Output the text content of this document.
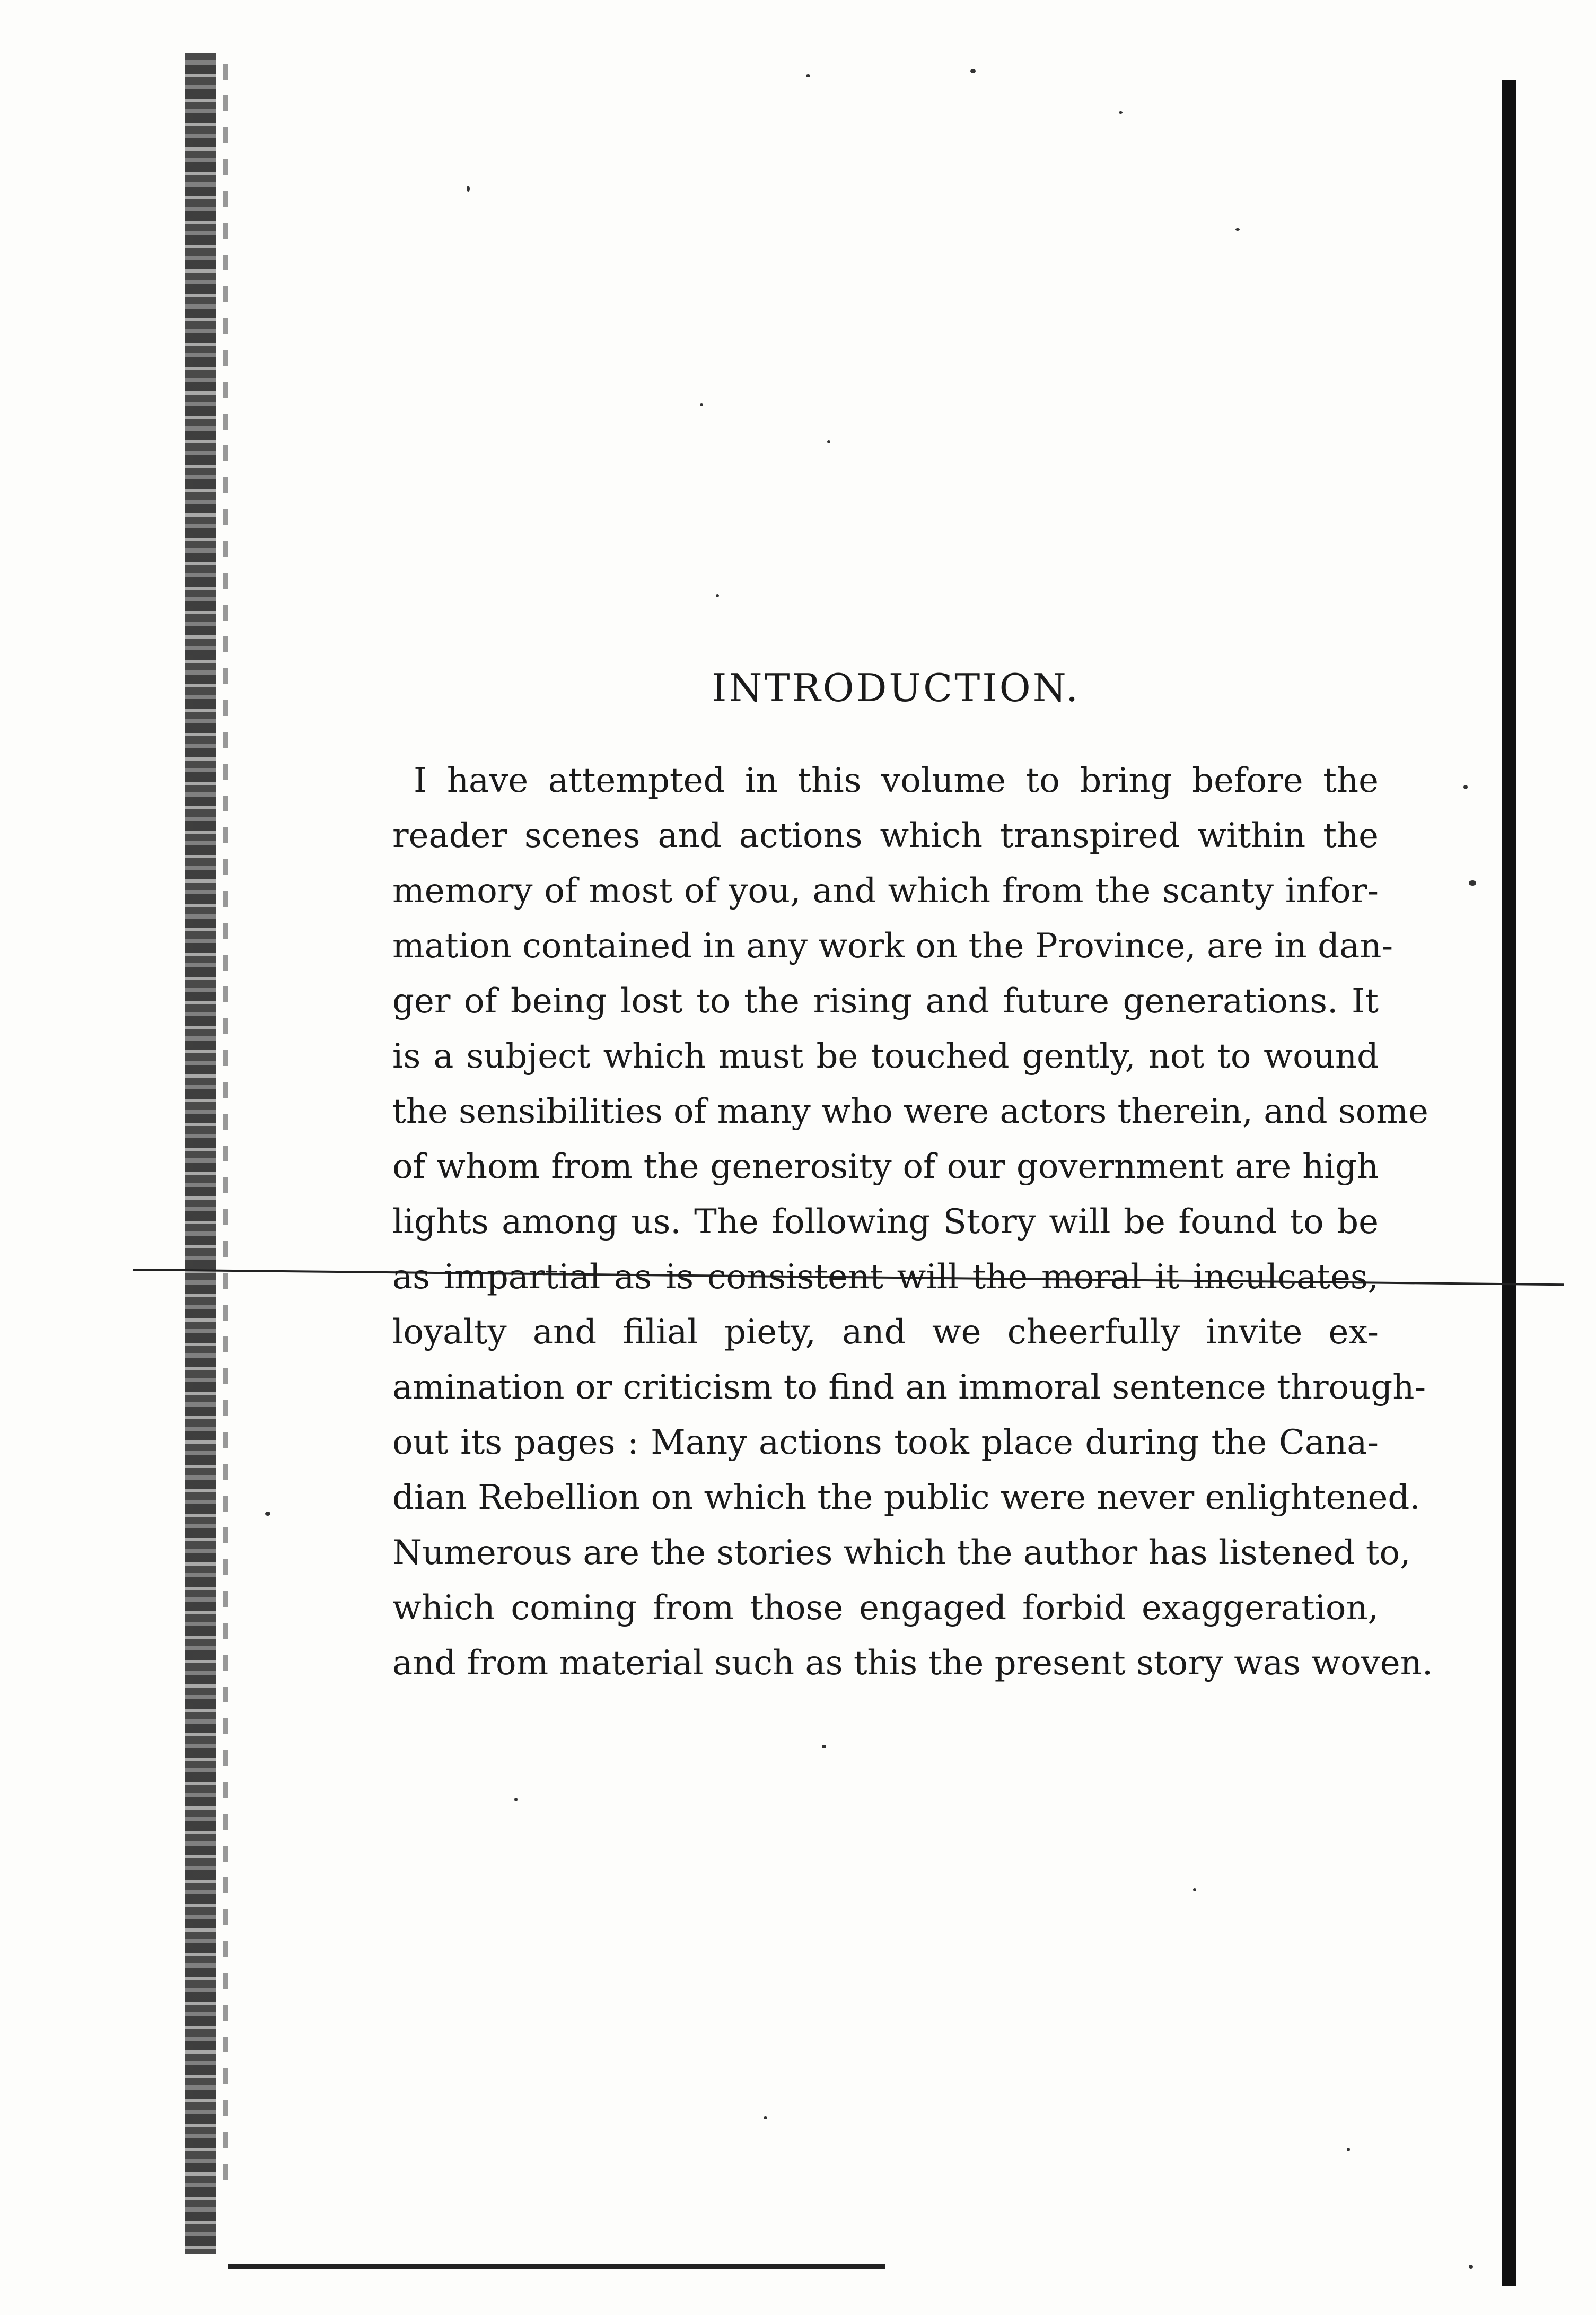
INTRODUCTION.
I have attempted in this volume to bring before the
reader scenes and actions which transpired within the
memory of most of you, and which from the scanty infor-
mation contained in any work on the Province, are in dan-
ger of being lost to the rising and future generations. It
is a subject which must be touched gently, not to wound
the sensibilities of many who were actors therein, and some
of whom from the generosity of our government are high
lights among us. The following Story will be found to be
as impartial as is consistent will the moral it inculcates,
loyalty and filial piety, and we cheerfully invite ex-
amination or criticism to find an immoral sentence through-
out its pages : Many actions took place during the Cana-
dian Rebellion on which the public were never enlightened.
Numerous are the stories which the author has listened to,
which coming from those engaged forbid exaggeration,
and from material such as this the present story was woven.
